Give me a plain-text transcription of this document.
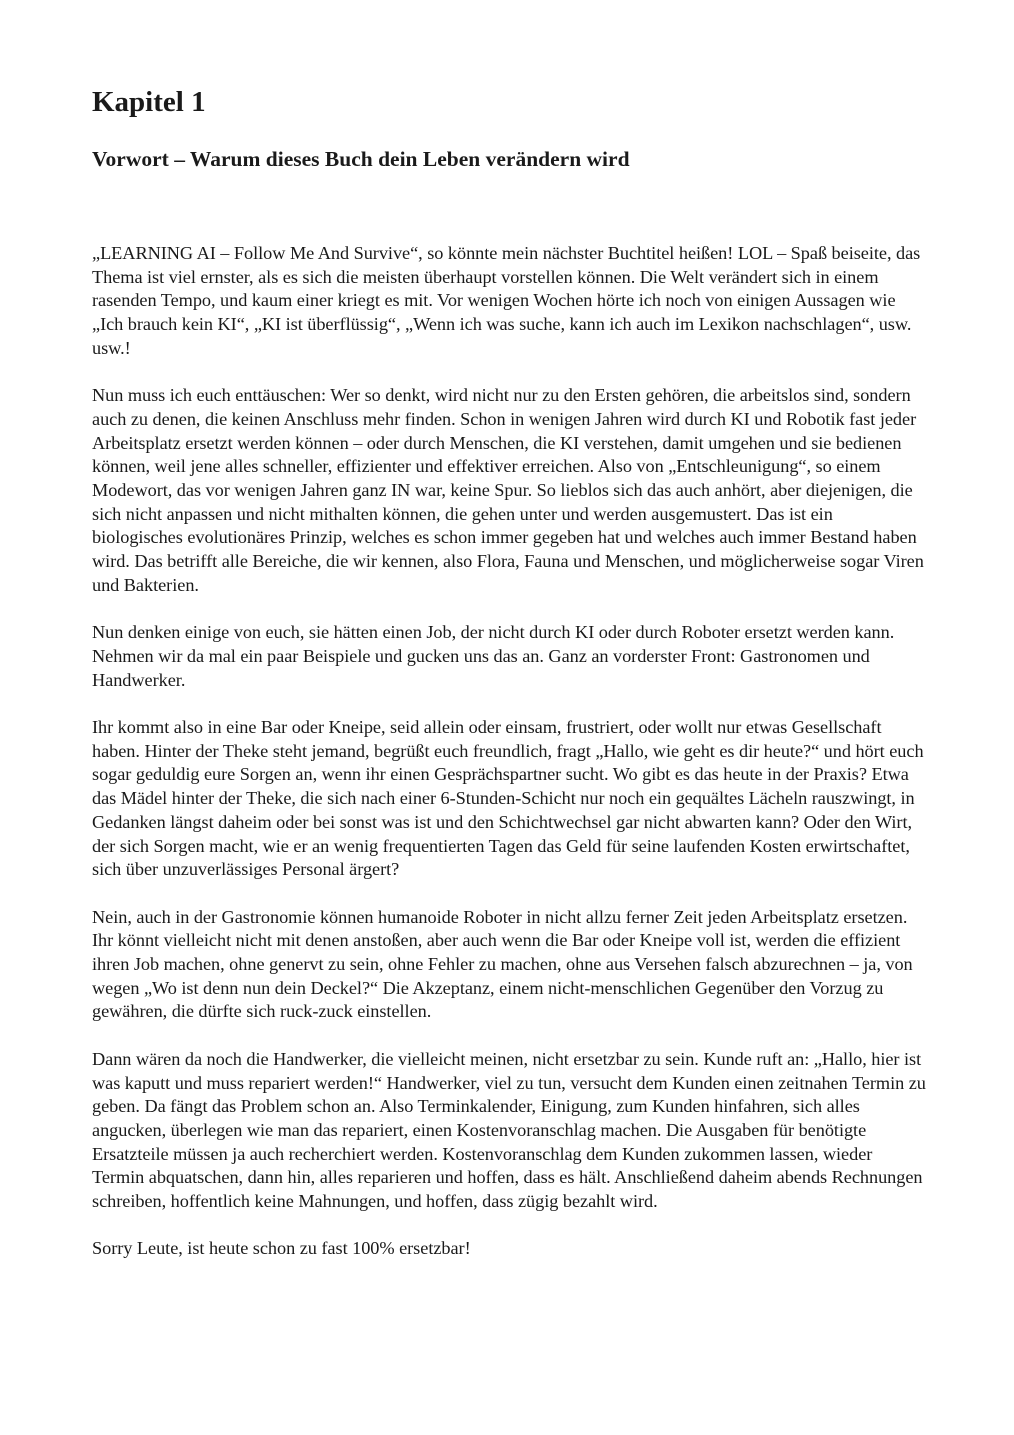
Kapitel 1
Vorwort – Warum dieses Buch dein Leben verändern wird

„LEARNING AI – Follow Me And Survive“, so könnte mein nächster Buchtitel heißen! LOL – Spaß beiseite, das Thema ist viel ernster, als es sich die meisten überhaupt vorstellen können. Die Welt verändert sich in einem rasenden Tempo, und kaum einer kriegt es mit. Vor wenigen Wochen hörte ich noch von einigen Aussagen wie „Ich brauch kein KI“, „KI ist überflüssig“, „Wenn ich was suche, kann ich auch im Lexikon nachschlagen“, usw. usw.!

Nun muss ich euch enttäuschen: Wer so denkt, wird nicht nur zu den Ersten gehören, die arbeitslos sind, sondern auch zu denen, die keinen Anschluss mehr finden. Schon in wenigen Jahren wird durch KI und Robotik fast jeder Arbeitsplatz ersetzt werden können – oder durch Menschen, die KI verstehen, damit umgehen und sie bedienen können, weil jene alles schneller, effizienter und effektiver erreichen. Also von „Entschleunigung“, so einem Modewort, das vor wenigen Jahren ganz IN war, keine Spur. So lieblos sich das auch anhört, aber diejenigen, die sich nicht anpassen und nicht mithalten können, die gehen unter und werden ausgemustert. Das ist ein biologisches evolutionäres Prinzip, welches es schon immer gegeben hat und welches auch immer Bestand haben wird. Das betrifft alle Bereiche, die wir kennen, also Flora, Fauna und Menschen, und möglicherweise sogar Viren und Bakterien.

Nun denken einige von euch, sie hätten einen Job, der nicht durch KI oder durch Roboter ersetzt werden kann. Nehmen wir da mal ein paar Beispiele und gucken uns das an. Ganz an vorderster Front: Gastronomen und Handwerker.

Ihr kommt also in eine Bar oder Kneipe, seid allein oder einsam, frustriert, oder wollt nur etwas Gesellschaft haben. Hinter der Theke steht jemand, begrüßt euch freundlich, fragt „Hallo, wie geht es dir heute?“ und hört euch sogar geduldig eure Sorgen an, wenn ihr einen Gesprächspartner sucht. Wo gibt es das heute in der Praxis? Etwa das Mädel hinter der Theke, die sich nach einer 6-Stunden-Schicht nur noch ein gequältes Lächeln rauszwingt, in Gedanken längst daheim oder bei sonst was ist und den Schichtwechsel gar nicht abwarten kann? Oder den Wirt, der sich Sorgen macht, wie er an wenig frequentierten Tagen das Geld für seine laufenden Kosten erwirtschaftet, sich über unzuverlässiges Personal ärgert?

Nein, auch in der Gastronomie können humanoide Roboter in nicht allzu ferner Zeit jeden Arbeitsplatz ersetzen. Ihr könnt vielleicht nicht mit denen anstoßen, aber auch wenn die Bar oder Kneipe voll ist, werden die effizient ihren Job machen, ohne genervt zu sein, ohne Fehler zu machen, ohne aus Versehen falsch abzurechnen – ja, von wegen „Wo ist denn nun dein Deckel?“ Die Akzeptanz, einem nicht-menschlichen Gegenüber den Vorzug zu gewähren, die dürfte sich ruck-zuck einstellen.

Dann wären da noch die Handwerker, die vielleicht meinen, nicht ersetzbar zu sein. Kunde ruft an: „Hallo, hier ist was kaputt und muss repariert werden!“ Handwerker, viel zu tun, versucht dem Kunden einen zeitnahen Termin zu geben. Da fängt das Problem schon an. Also Terminkalender, Einigung, zum Kunden hinfahren, sich alles angucken, überlegen wie man das repariert, einen Kostenvoranschlag machen. Die Ausgaben für benötigte Ersatzteile müssen ja auch recherchiert werden. Kostenvoranschlag dem Kunden zukommen lassen, wieder Termin abquatschen, dann hin, alles reparieren und hoffen, dass es hält. Anschließend daheim abends Rechnungen schreiben, hoffentlich keine Mahnungen, und hoffen, dass zügig bezahlt wird.

Sorry Leute, ist heute schon zu fast 100% ersetzbar!
